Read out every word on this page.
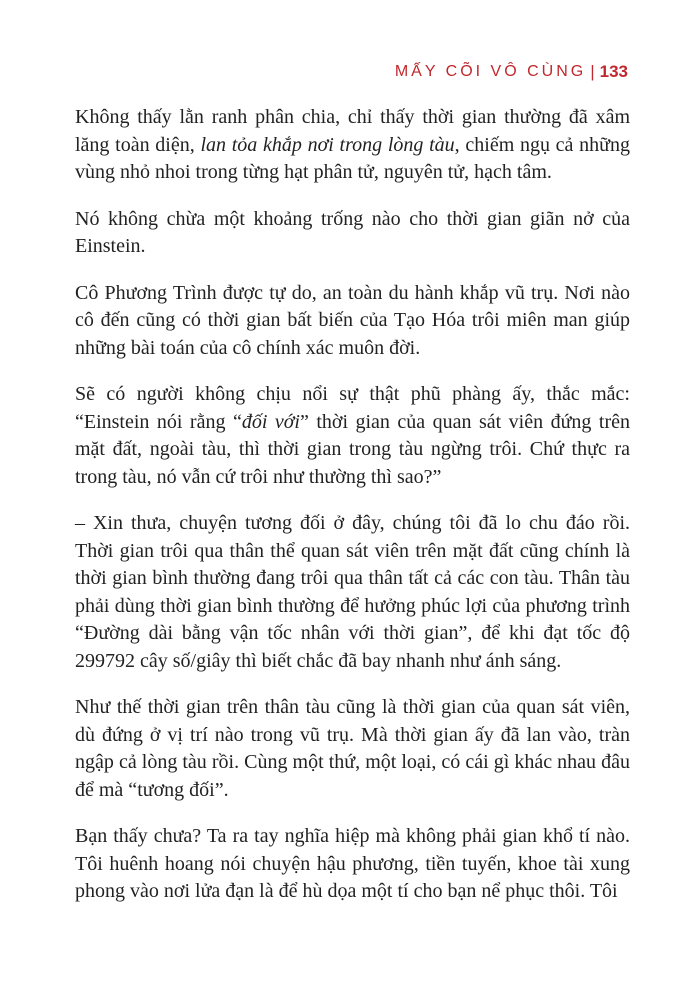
MẤY CÕI VÔ CÙNG | 133

Không thấy lằn ranh phân chia, chỉ thấy thời gian thường đã xâm lăng toàn diện, lan tỏa khắp nơi trong lòng tàu, chiếm ngụ cả những vùng nhỏ nhoi trong từng hạt phân tử, nguyên tử, hạch tâm.

Nó không chừa một khoảng trống nào cho thời gian giãn nở của Einstein.

Cô Phương Trình được tự do, an toàn du hành khắp vũ trụ. Nơi nào cô đến cũng có thời gian bất biến của Tạo Hóa trôi miên man giúp những bài toán của cô chính xác muôn đời.

Sẽ có người không chịu nổi sự thật phũ phàng ấy, thắc mắc: “Einstein nói rằng “đối với” thời gian của quan sát viên đứng trên mặt đất, ngoài tàu, thì thời gian trong tàu ngừng trôi. Chứ thực ra trong tàu, nó vẫn cứ trôi như thường thì sao?”

– Xin thưa, chuyện tương đối ở đây, chúng tôi đã lo chu đáo rồi. Thời gian trôi qua thân thể quan sát viên trên mặt đất cũng chính là thời gian bình thường đang trôi qua thân tất cả các con tàu. Thân tàu phải dùng thời gian bình thường để hưởng phúc lợi của phương trình “Đường dài bằng vận tốc nhân với thời gian”, để khi đạt tốc độ 299792 cây số/giây thì biết chắc đã bay nhanh như ánh sáng.

Như thế thời gian trên thân tàu cũng là thời gian của quan sát viên, dù đứng ở vị trí nào trong vũ trụ. Mà thời gian ấy đã lan vào, tràn ngập cả lòng tàu rồi. Cùng một thứ, một loại, có cái gì khác nhau đâu để mà “tương đối”.

Bạn thấy chưa? Ta ra tay nghĩa hiệp mà không phải gian khổ tí nào. Tôi huênh hoang nói chuyện hậu phương, tiền tuyến, khoe tài xung phong vào nơi lửa đạn là để hù dọa một tí cho bạn nể phục thôi. Tôi
